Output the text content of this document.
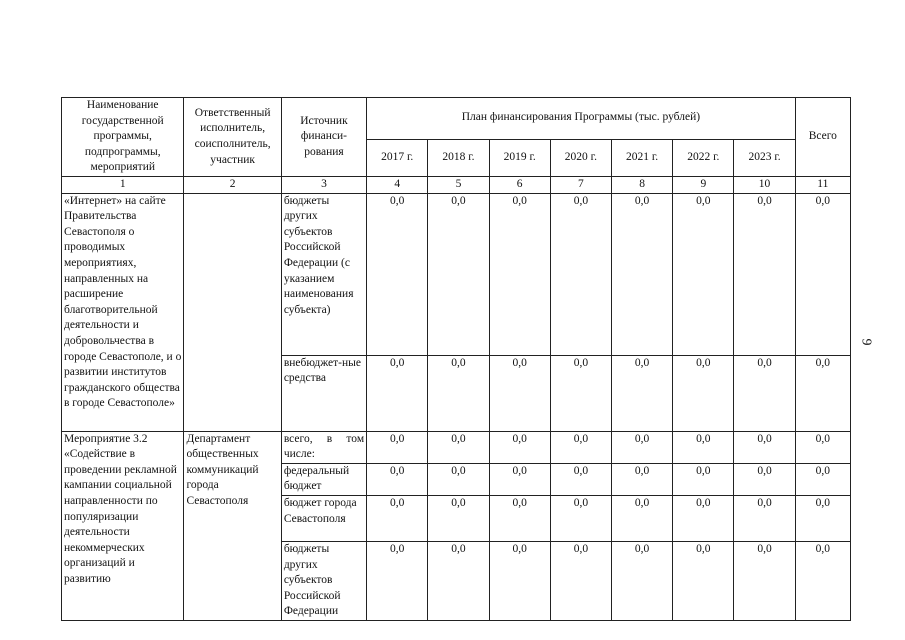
Наименование государственной программы, подпрограммы, мероприятий	Ответственный исполнитель, соисполнитель, участник	Источник финанси-рования	План финансирования Программы (тыс. рублей)							Всего
			2017 г.	2018 г.	2019 г.	2020 г.	2021 г.	2022 г.	2023 г.	
1	2	3	4	5	6	7	8	9	10	11
«Интернет» на сайте Правительства Севастополя о проводимых мероприятиях, направленных на расширение благотворительной деятельности и добровольчества в городе Севастополе, и о развитии институтов гражданского общества в городе Севастополе»		бюджеты других субъектов Российской Федерации (с указанием наименования субъекта)	0,0	0,0	0,0	0,0	0,0	0,0	0,0	0,0
		внебюджет-ные средства	0,0	0,0	0,0	0,0	0,0	0,0	0,0	0,0
Мероприятие 3.2 «Содействие в проведении рекламной кампании социальной направленности по популяризации деятельности некоммерческих организаций и развитию	Департамент общественных коммуникаций города Севастополя	всего, в том числе:	0,0	0,0	0,0	0,0	0,0	0,0	0,0	0,0
		федеральный бюджет	0,0	0,0	0,0	0,0	0,0	0,0	0,0	0,0
		бюджет города Севастополя	0,0	0,0	0,0	0,0	0,0	0,0	0,0	0,0
		бюджеты других субъектов Российской Федерации	0,0	0,0	0,0	0,0	0,0	0,0	0,0	0,0
9
